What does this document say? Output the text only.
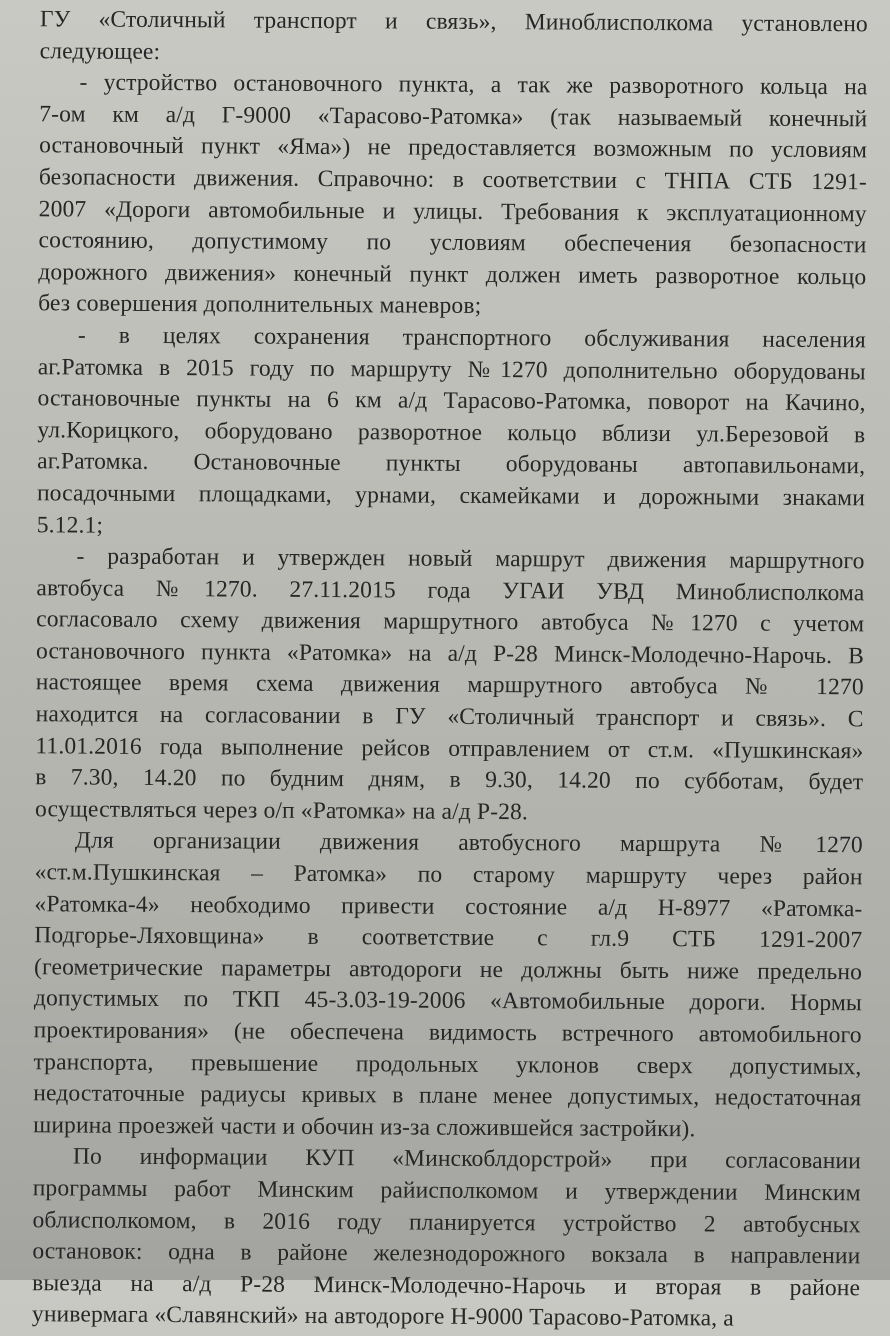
ГУ «Столичный транспорт и связь», Миноблисполкома установлено
следующее:
- устройство остановочного пункта, а так же разворотного кольца на
7-ом км а/д Г-9000 «Тарасово-Ратомка» (так называемый конечный
остановочный пункт «Яма») не предоставляется возможным по условиям
безопасности движения. Справочно: в соответствии с ТНПА СТБ 1291-
2007 «Дороги автомобильные и улицы. Требования к эксплуатационному
состоянию, допустимому по условиям обеспечения безопасности
дорожного движения» конечный пункт должен иметь разворотное кольцо
без совершения дополнительных маневров;
- в целях сохранения транспортного обслуживания населения
аг.Ратомка в 2015 году по маршруту №1270 дополнительно оборудованы
остановочные пункты на 6 км а/д Тарасово-Ратомка, поворот на Качино,
ул.Корицкого, оборудовано разворотное кольцо вблизи ул.Березовой в
аг.Ратомка. Остановочные пункты оборудованы автопавильонами,
посадочными площадками, урнами, скамейками и дорожными знаками
5.12.1;
- разработан и утвержден новый маршрут движения маршрутного
автобуса №1270. 27.11.2015 года УГАИ УВД Миноблисполкома
согласовало схему движения маршрутного автобуса №1270 с учетом
остановочного пункта «Ратомка» на а/д Р-28 Минск-Молодечно-Нарочь. В
настоящее время схема движения маршрутного автобуса № 1270
находится на согласовании в ГУ «Столичный транспорт и связь». С
11.01.2016 года выполнение рейсов отправлением от ст.м. «Пушкинская»
в 7.30, 14.20 по будним дням, в 9.30, 14.20 по субботам, будет
осуществляться через о/п «Ратомка» на а/д Р-28.
Для организации движения автобусного маршрута №1270
«ст.м.Пушкинская – Ратомка» по старому маршруту через район
«Ратомка-4» необходимо привести состояние а/д Н-8977 «Ратомка-
Подгорье-Ляховщина» в соответствие с гл.9 СТБ 1291-2007
(геометрические параметры автодороги не должны быть ниже предельно
допустимых по ТКП 45-3.03-19-2006 «Автомобильные дороги. Нормы
проектирования» (не обеспечена видимость встречного автомобильного
транспорта, превышение продольных уклонов сверх допустимых,
недостаточные радиусы кривых в плане менее допустимых, недостаточная
ширина проезжей части и обочин из-за сложившейся застройки).
По информации КУП «Минскоблдорстрой» при согласовании
программы работ Минским райисполкомом и утверждении Минским
облисполкомом, в 2016 году планируется устройство 2 автобусных
остановок: одна в районе железнодорожного вокзала в направлении
выезда на а/д Р-28 Минск-Молодечно-Нарочь и вторая в районе
универмага «Славянский» на автодороге Н-9000 Тарасово-Ратомка, а
